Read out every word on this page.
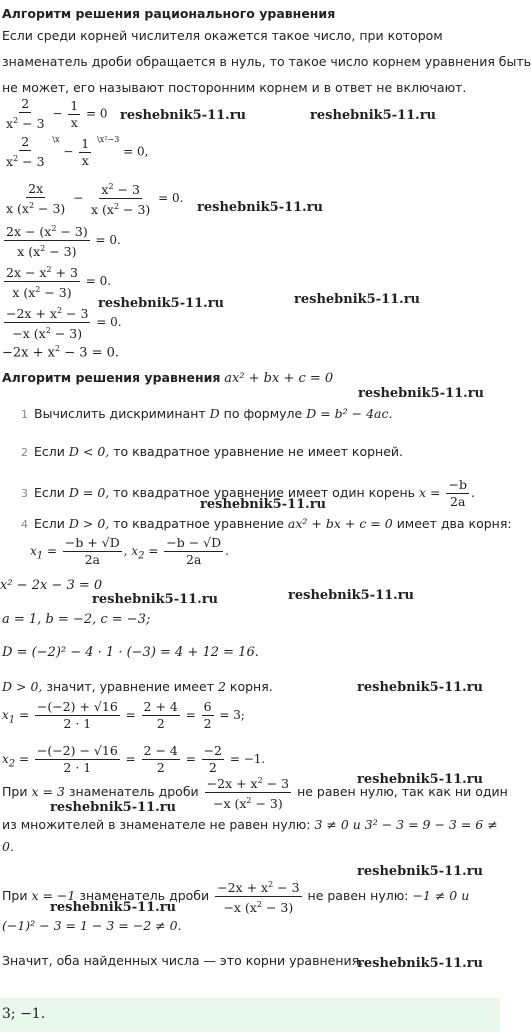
Алгоритм решения рационального уравнения
Если среди корней числителя окажется такое число, при котором
знаменатель дроби обращается в нуль, то такое число корнем уравнения быть
не может, его называют посторонним корнем и в ответ не включают.
$\frac{2}{x^2 - 3} - \frac{1}{x} = 0$ reshebnik5-11.ru	reshebnik5-11.ru
$\frac{2}{x^2 - 3} ^{\backslash x} - \frac{1}{x} ^{\backslash x^2-3} = 0$,
$\frac{2x}{x (x^2 - 3)} - \frac{x^2 - 3}{x (x^2 - 3)} = 0$.
reshebnik5-11.ru
$\frac{2x - (x^2 - 3)}{x (x^2 - 3)} = 0$.
$\frac{2x - x^2 + 3}{x (x^2 - 3)} = 0$.
reshebnik5-11.ru	reshebnik5-11.ru
$\frac{-2x + x^2 - 3}{-x (x^2 - 3)} = 0$.
$-2x + x^2 - 3 = 0$.
Алгоритм решения уравнения ax² + bx + c = 0
reshebnik5-11.ru
1 Вычислить дискриминант D по формуле D = b² − 4ac.
2 Если D < 0, то квадратное уравнение не имеет корней.
3 Если D = 0, то квадратное уравнение имеет один корень $x = \frac{-b}{2a}$ .
reshebnik5-11.ru
4 Если D > 0, то квадратное уравнение ax² + bx + c = 0 имеет два корня:
$x_1 = \frac{-b + √D}{2a}$ , $x_2 = \frac{-b - √D}{2a}$ .
x² − 2x − 3 = 0
reshebnik5-11.ru	reshebnik5-11.ru
a = 1, b = −2, c = −3;
D = (−2)² − 4 · 1 · (−3) = 4 + 12 = 16.
D > 0, значит, уравнение имеет 2 корня.	reshebnik5-11.ru
$x_1 = \frac{-(-2) + √16}{2 \cdot 1} = \frac{2 + 4}{2} = \frac{6}{2} = 3$;
$x_2 = \frac{-(-2) - √16}{2 \cdot 1} = \frac{2 - 4}{2} = \frac{-2}{2} = -1$.
reshebnik5-11.ru
При x = 3 знаменатель дроби $\frac{-2x + x^2 - 3}{-x (x^2 - 3)}$ не равен нулю, так как ни один
reshebnik5-11.ru
из множителей в знаменателе не равен нулю: 3 ≠ 0 и 3² − 3 = 9 − 3 = 6 ≠
0.
reshebnik5-11.ru
При x = −1 знаменатель дроби $\frac{-2x + x^2 - 3}{-x (x^2 - 3)}$ не равен нулю: −1 ≠ 0 и
reshebnik5-11.ru
(−1)² − 3 = 1 − 3 = −2 ≠ 0.
Значит, оба найденных числа — это корни уравнения.
reshebnik5-11.ru
3; −1.
